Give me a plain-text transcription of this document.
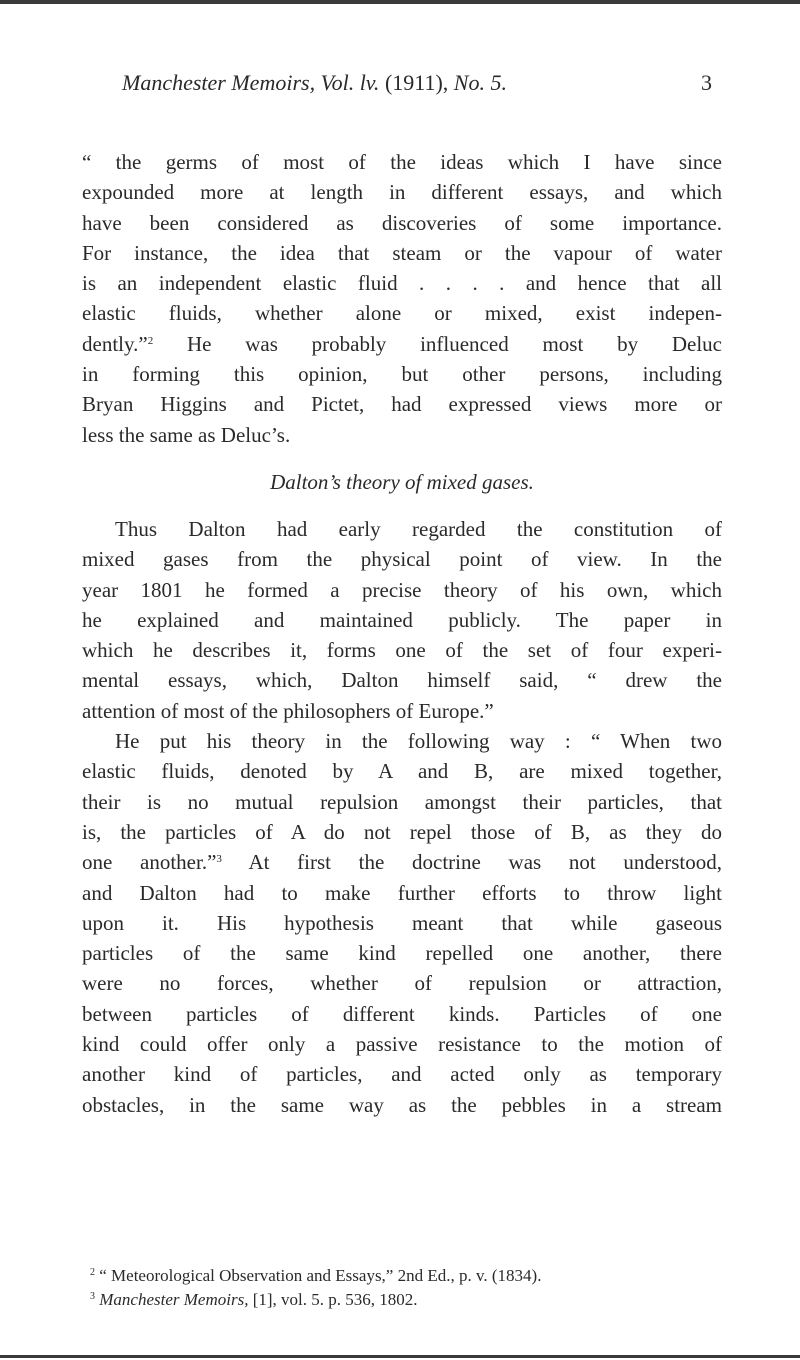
Manchester Memoirs, Vol. lv. (1911), No. 5.	3
“ the germs of most of the ideas which I have since
expounded more at length in different essays, and which
have been considered as discoveries of some importance.
For instance, the idea that steam or the vapour of water
is an independent elastic fluid . . . . and hence that all
elastic fluids, whether alone or mixed, exist indepen-
dently.”$^2$ He was probably influenced most by Deluc
in forming this opinion, but other persons, including
Bryan Higgins and Pictet, had expressed views more or
less the same as Deluc’s.
Dalton’s theory of mixed gases.
Thus Dalton had early regarded the constitution of
mixed gases from the physical point of view. In the
year 1801 he formed a precise theory of his own, which
he explained and maintained publicly. The paper in
which he describes it, forms one of the set of four experi-
mental essays, which, Dalton himself said, “ drew the
attention of most of the philosophers of Europe.”
He put his theory in the following way : “ When two
elastic fluids, denoted by A and B, are mixed together,
their is no mutual repulsion amongst their particles, that
is, the particles of A do not repel those of B, as they do
one another.”$^3$ At first the doctrine was not understood,
and Dalton had to make further efforts to throw light
upon it. His hypothesis meant that while gaseous
particles of the same kind repelled one another, there
were no forces, whether of repulsion or attraction,
between particles of different kinds. Particles of one
kind could offer only a passive resistance to the motion of
another kind of particles, and acted only as temporary
obstacles, in the same way as the pebbles in a stream
$^2$ “ Meteorological Observation and Essays,” 2nd Ed., p. v. (1834).
$^3$ Manchester Memoirs, [1], vol. 5. p. 536, 1802.
